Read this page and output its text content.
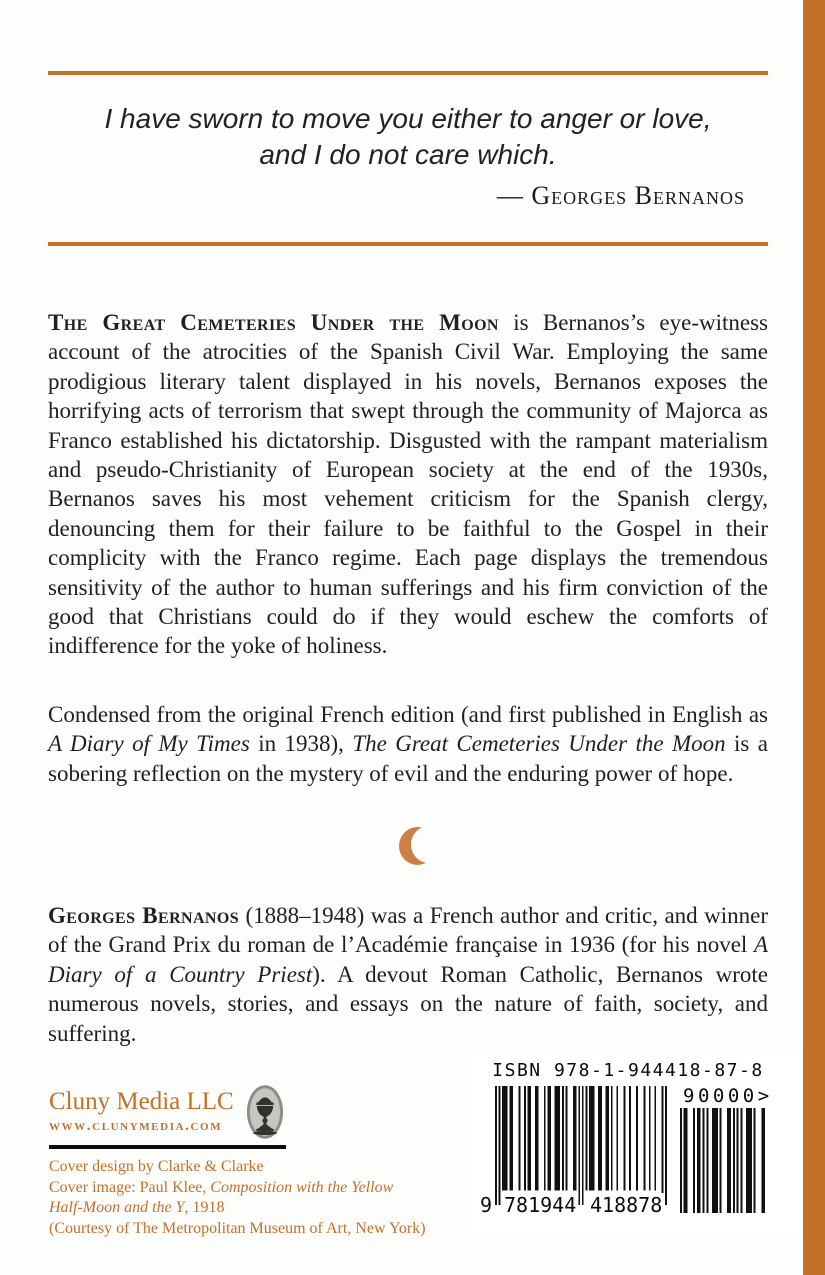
I have sworn to move you either to anger or love,
and I do not care which.
— Georges Bernanos

The Great Cemeteries Under the Moon is Bernanos’s eye-witness account of the atrocities of the Spanish Civil War. Employing the same prodigious literary talent displayed in his novels, Bernanos exposes the horrifying acts of terrorism that swept through the community of Majorca as Franco established his dictatorship. Disgusted with the rampant materialism and pseudo-Christianity of European society at the end of the 1930s, Bernanos saves his most vehement criticism for the Spanish clergy, denouncing them for their failure to be faithful to the Gospel in their complicity with the Franco regime. Each page displays the tremendous sensitivity of the author to human sufferings and his firm conviction of the good that Christians could do if they would eschew the comforts of indifference for the yoke of holiness.

Condensed from the original French edition (and first published in English as A Diary of My Times in 1938), The Great Cemeteries Under the Moon is a sobering reflection on the mystery of evil and the enduring power of hope.

Georges Bernanos (1888–1948) was a French author and critic, and winner of the Grand Prix du roman de l’Académie française in 1936 (for his novel A Diary of a Country Priest). A devout Roman Catholic, Bernanos wrote numerous novels, stories, and essays on the nature of faith, society, and suffering.

Cluny Media LLC
www.clunymedia.com
Cover design by Clarke & Clarke
Cover image: Paul Klee, Composition with the Yellow
Half-Moon and the Y, 1918
(Courtesy of The Metropolitan Museum of Art, New York)
ISBN 978-1-944418-87-8
90000>
9 781944 418878
